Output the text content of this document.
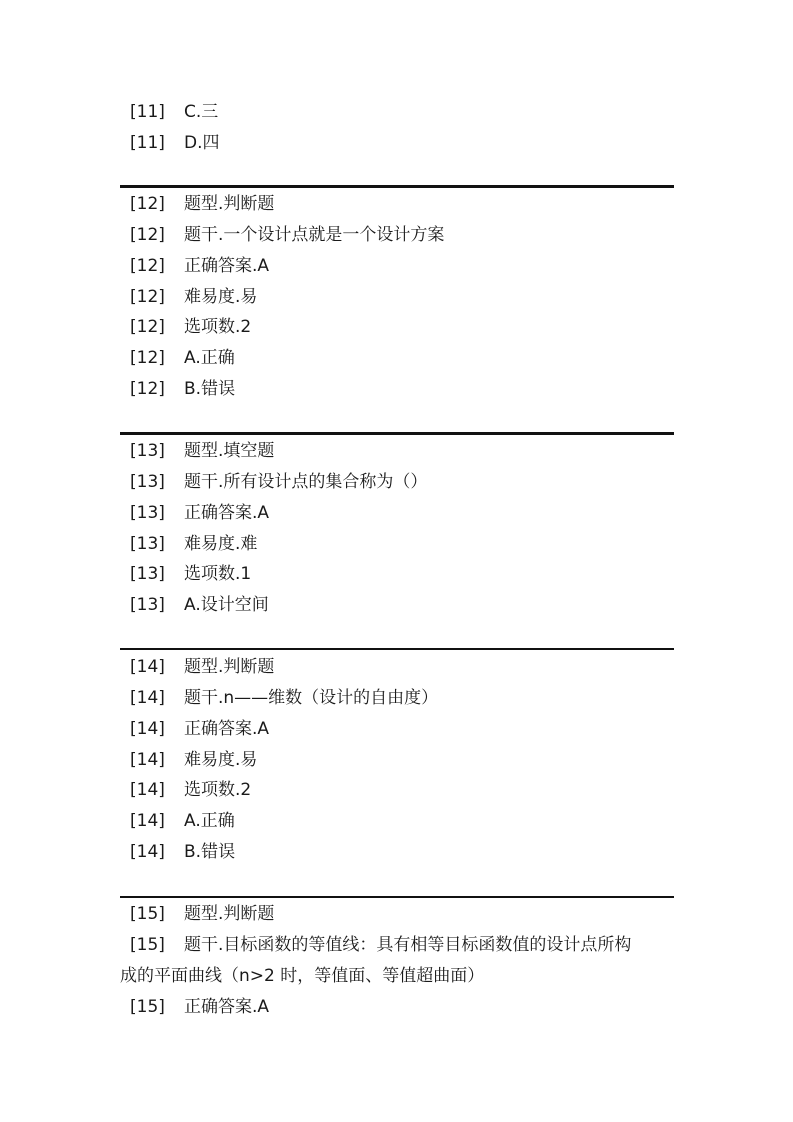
[11]	C.三
[11]	D.四
[12]	题型.判断题
[12]	题干.一个设计点就是一个设计方案
[12]	正确答案.A
[12]	难易度.易
[12]	选项数.2
[12]	A.正确
[12]	B.错误
[13]	题型.填空题
[13]	题干.所有设计点的集合称为（）
[13]	正确答案.A
[13]	难易度.难
[13]	选项数.1
[13]	A.设计空间
[14]	题型.判断题
[14]	题干.n——维数（设计的自由度）
[14]	正确答案.A
[14]	难易度.易
[14]	选项数.2
[14]	A.正确
[14]	B.错误
[15]	题型.判断题
[15]	题干.目标函数的等值线：具有相等目标函数值的设计点所构
成的平面曲线（n>2 时，等值面、等值超曲面）
[15]	正确答案.A
